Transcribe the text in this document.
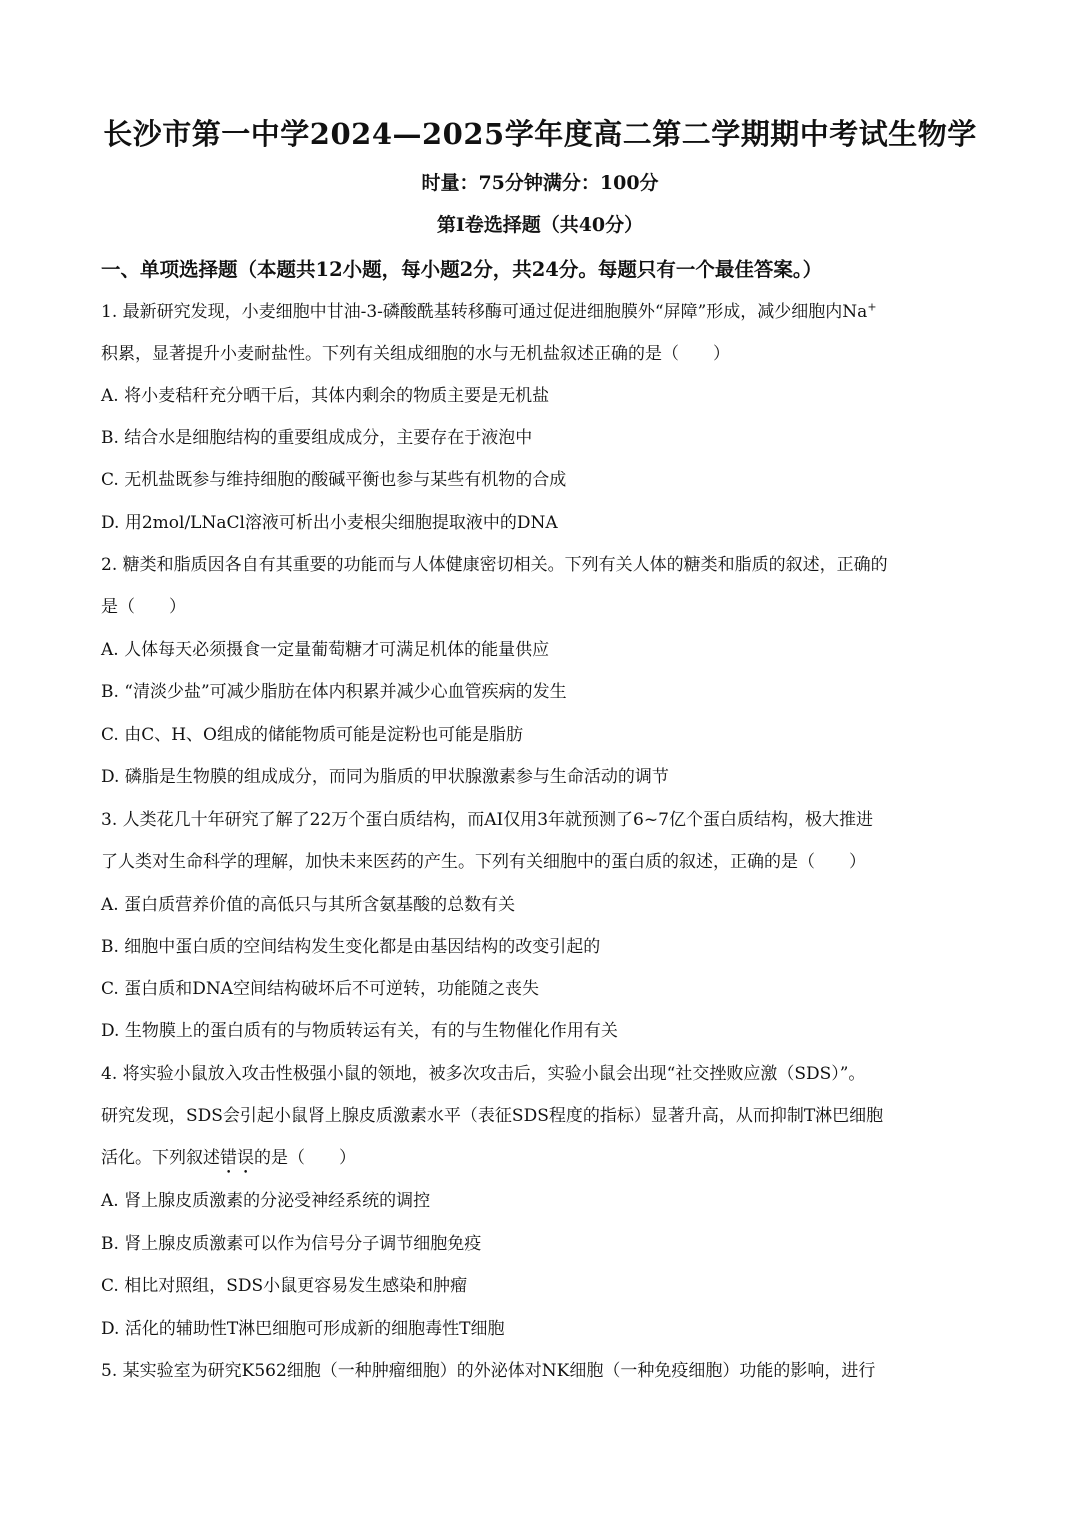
长沙市第一中学2024—2025学年度高二第二学期期中考试生物学
时量：75分钟满分：100分
第Ⅰ卷选择题（共40分）
一、单项选择题（本题共12小题，每小题2分，共24分。每题只有一个最佳答案。）
1. 最新研究发现，小麦细胞中甘油-3-磷酸酰基转移酶可通过促进细胞膜外“屏障”形成，减少细胞内Na+
积累，显著提升小麦耐盐性。下列有关组成细胞的水与无机盐叙述正确的是（　　）
A. 将小麦秸秆充分晒干后，其体内剩余的物质主要是无机盐
B. 结合水是细胞结构的重要组成成分，主要存在于液泡中
C. 无机盐既参与维持细胞的酸碱平衡也参与某些有机物的合成
D. 用2mol/LNaCl溶液可析出小麦根尖细胞提取液中的DNA
2. 糖类和脂质因各自有其重要的功能而与人体健康密切相关。下列有关人体的糖类和脂质的叙述，正确的
是（　　）
A. 人体每天必须摄食一定量葡萄糖才可满足机体的能量供应
B. “清淡少盐”可减少脂肪在体内积累并减少心血管疾病的发生
C. 由C、H、O组成的储能物质可能是淀粉也可能是脂肪
D. 磷脂是生物膜的组成成分，而同为脂质的甲状腺激素参与生命活动的调节
3. 人类花几十年研究了解了22万个蛋白质结构，而AI仅用3年就预测了6~7亿个蛋白质结构，极大推进
了人类对生命科学的理解，加快未来医药的产生。下列有关细胞中的蛋白质的叙述，正确的是（　　）
A. 蛋白质营养价值的高低只与其所含氨基酸的总数有关
B. 细胞中蛋白质的空间结构发生变化都是由基因结构的改变引起的
C. 蛋白质和DNA空间结构破坏后不可逆转，功能随之丧失
D. 生物膜上的蛋白质有的与物质转运有关，有的与生物催化作用有关
4. 将实验小鼠放入攻击性极强小鼠的领地，被多次攻击后，实验小鼠会出现“社交挫败应激（SDS）”。
研究发现，SDS会引起小鼠肾上腺皮质激素水平（表征SDS程度的指标）显著升高，从而抑制T淋巴细胞
活化。下列叙述错误的是（　　）
A. 肾上腺皮质激素的分泌受神经系统的调控
B. 肾上腺皮质激素可以作为信号分子调节细胞免疫
C. 相比对照组，SDS小鼠更容易发生感染和肿瘤
D. 活化的辅助性T淋巴细胞可形成新的细胞毒性T细胞
5. 某实验室为研究K562细胞（一种肿瘤细胞）的外泌体对NK细胞（一种免疫细胞）功能的影响，进行
